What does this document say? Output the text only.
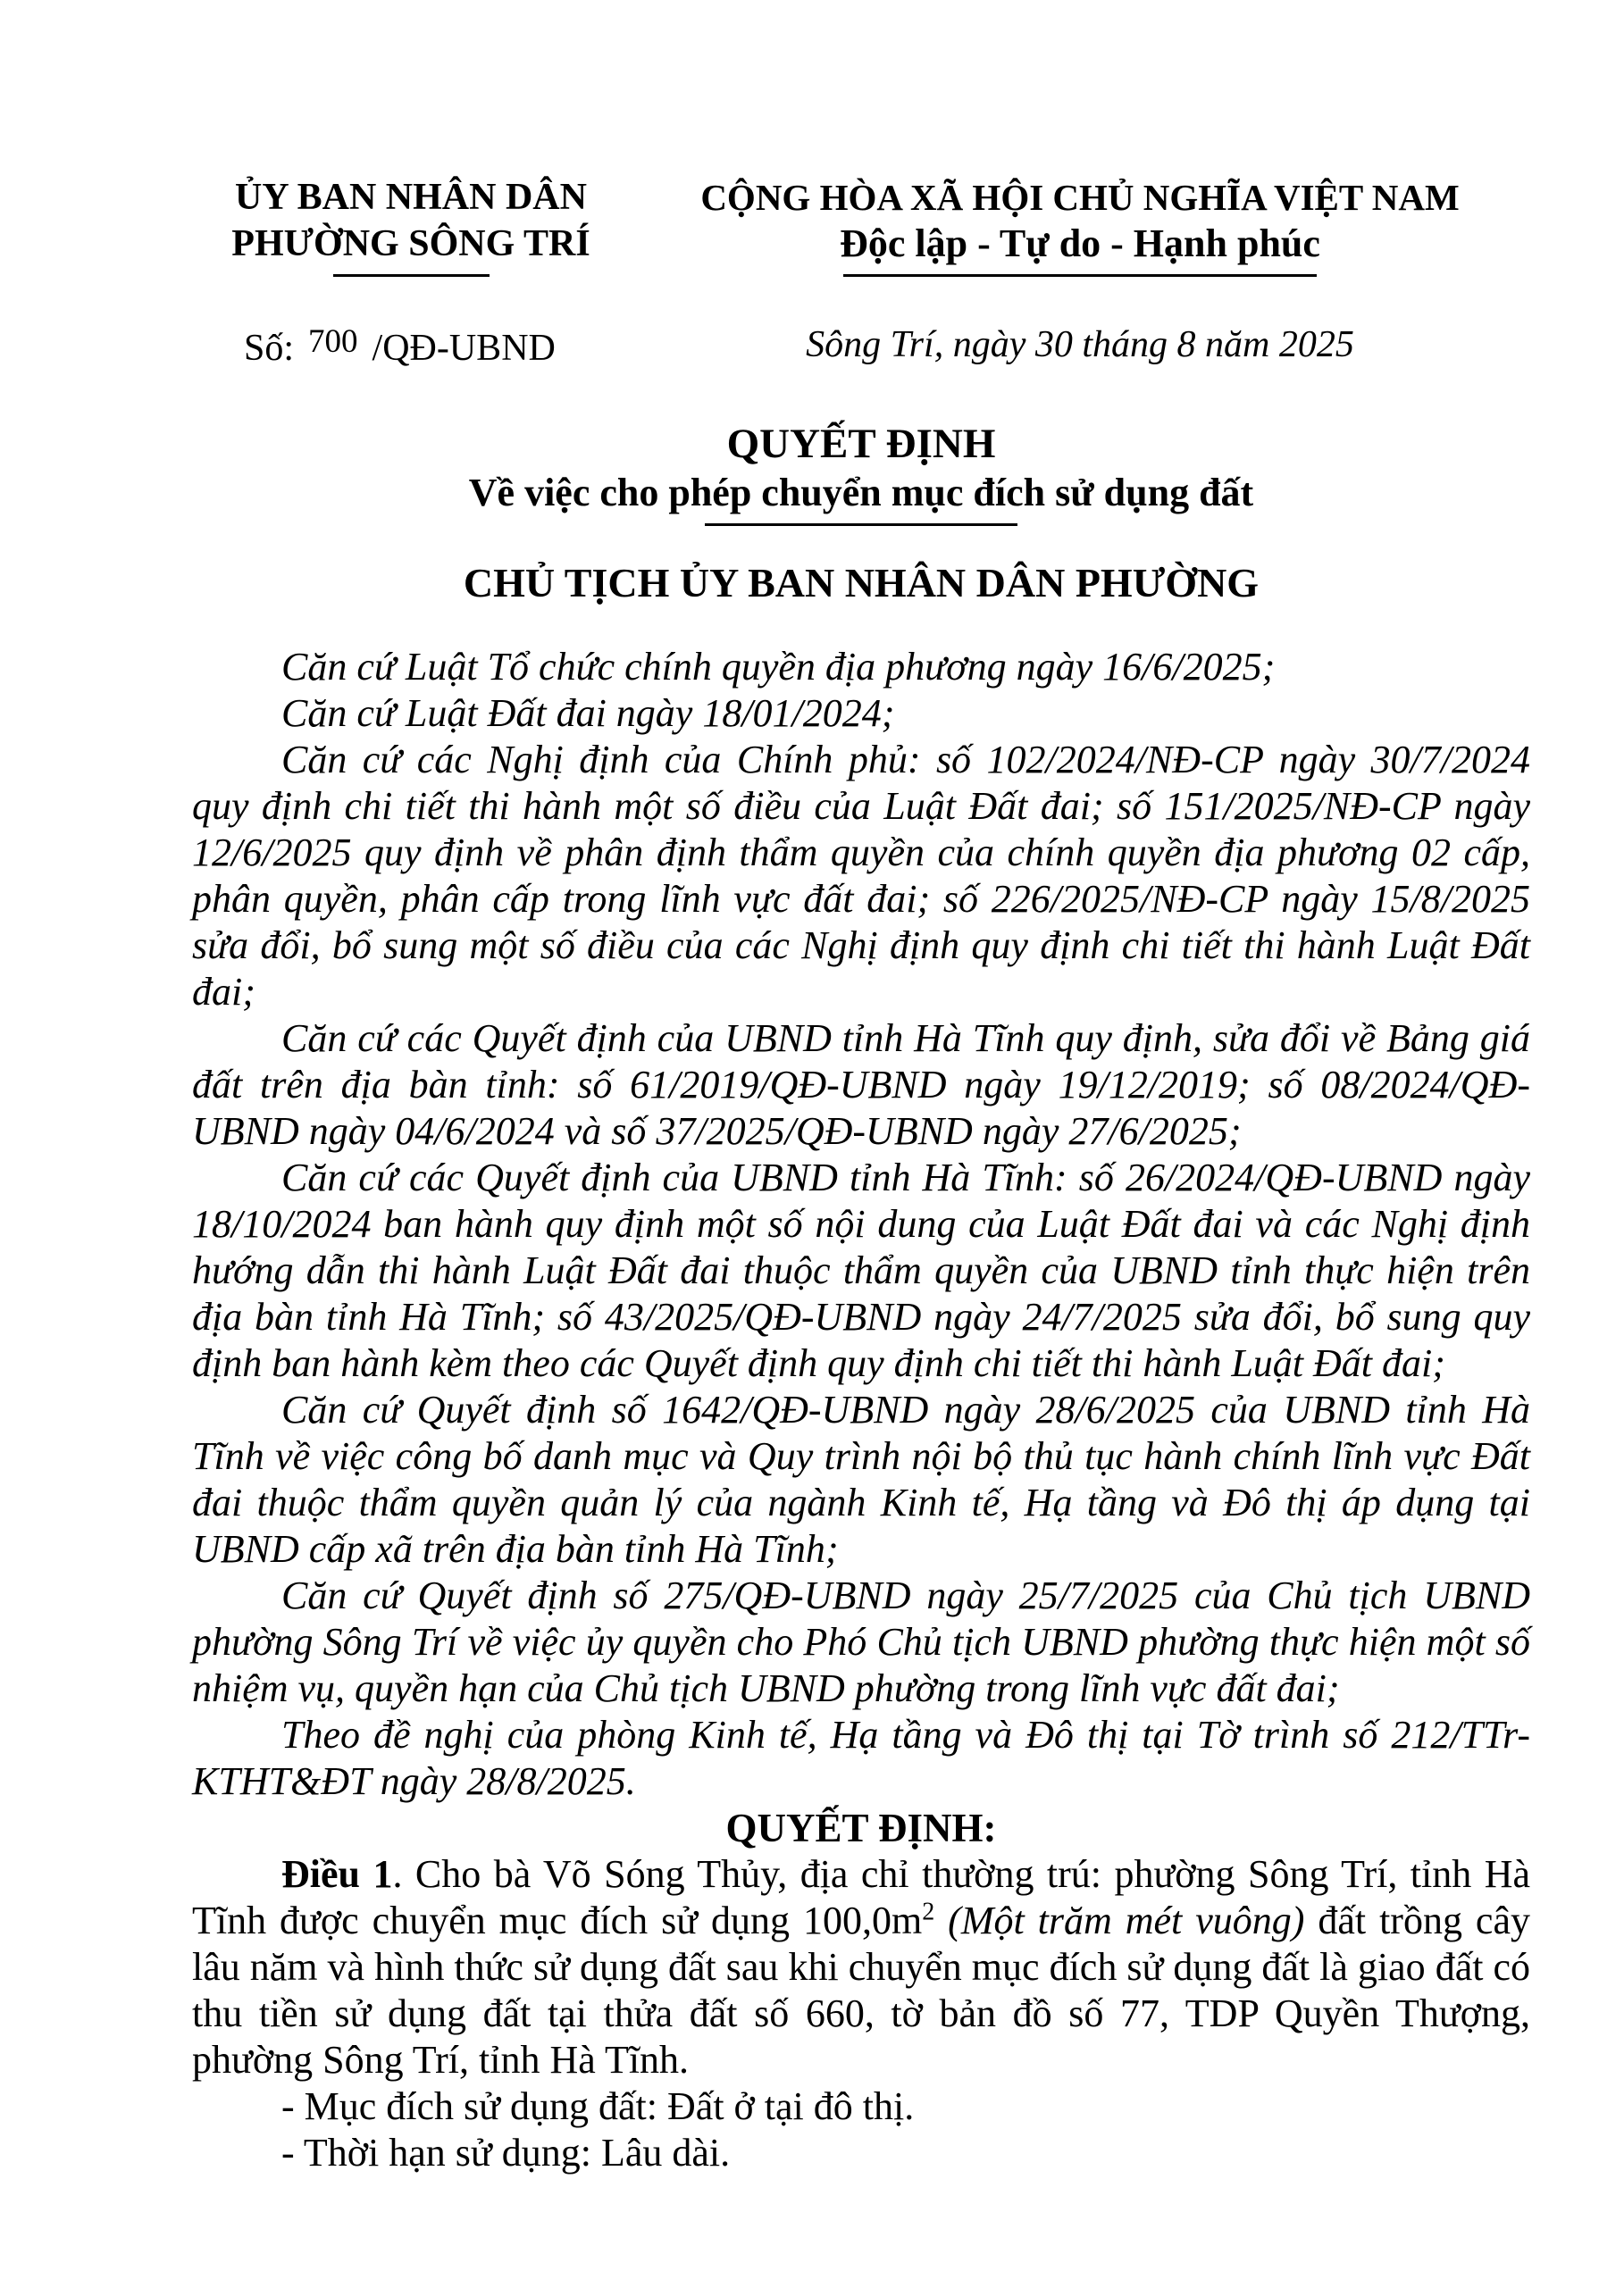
ỦY BAN NHÂN DÂN
PHƯỜNG SÔNG TRÍ
Số: 700 /QĐ-UBND
CỘNG HÒA XÃ HỘI CHỦ NGHĨA VIỆT NAM
Độc lập - Tự do - Hạnh phúc
Sông Trí, ngày 30 tháng 8 năm 2025
QUYẾT ĐỊNH
Về việc cho phép chuyển mục đích sử dụng đất
CHỦ TỊCH ỦY BAN NHÂN DÂN PHƯỜNG

Căn cứ Luật Tổ chức chính quyền địa phương ngày 16/6/2025;

Căn cứ Luật Đất đai ngày 18/01/2024;

Căn cứ các Nghị định của Chính phủ: số 102/2024/NĐ-CP ngày 30/7/2024 quy định chi tiết thi hành một số điều của Luật Đất đai; số 151/2025/NĐ-CP ngày 12/6/2025 quy định về phân định thẩm quyền của chính quyền địa phương 02 cấp, phân quyền, phân cấp trong lĩnh vực đất đai; số 226/2025/NĐ-CP ngày 15/8/2025 sửa đổi, bổ sung một số điều của các Nghị định quy định chi tiết thi hành Luật Đất đai;

Căn cứ các Quyết định của UBND tỉnh Hà Tĩnh quy định, sửa đổi về Bảng giá đất trên địa bàn tỉnh: số 61/2019/QĐ-UBND ngày 19/12/2019; số 08/2024/QĐ-UBND ngày 04/6/2024 và số 37/2025/QĐ-UBND ngày 27/6/2025;

Căn cứ các Quyết định của UBND tỉnh Hà Tĩnh: số 26/2024/QĐ-UBND ngày 18/10/2024 ban hành quy định một số nội dung của Luật Đất đai và các Nghị định hướng dẫn thi hành Luật Đất đai thuộc thẩm quyền của UBND tỉnh thực hiện trên địa bàn tỉnh Hà Tĩnh; số 43/2025/QĐ-UBND ngày 24/7/2025 sửa đổi, bổ sung quy định ban hành kèm theo các Quyết định quy định chi tiết thi hành Luật Đất đai;

Căn cứ Quyết định số 1642/QĐ-UBND ngày 28/6/2025 của UBND tỉnh Hà Tĩnh về việc công bố danh mục và Quy trình nội bộ thủ tục hành chính lĩnh vực Đất đai thuộc thẩm quyền quản lý của ngành Kinh tế, Hạ tầng và Đô thị áp dụng tại UBND cấp xã trên địa bàn tỉnh Hà Tĩnh;

Căn cứ Quyết định số 275/QĐ-UBND ngày 25/7/2025 của Chủ tịch UBND phường Sông Trí về việc ủy quyền cho Phó Chủ tịch UBND phường thực hiện một số nhiệm vụ, quyền hạn của Chủ tịch UBND phường trong lĩnh vực đất đai;

Theo đề nghị của phòng Kinh tế, Hạ tầng và Đô thị tại Tờ trình số 212/TTr-KTHT&ĐT ngày 28/8/2025.

QUYẾT ĐỊNH:

Điều 1. Cho bà Võ Sóng Thủy, địa chỉ thường trú: phường Sông Trí, tỉnh Hà Tĩnh được chuyển mục đích sử dụng $100,0m^2$ (Một trăm mét vuông) đất trồng cây lâu năm và hình thức sử dụng đất sau khi chuyển mục đích sử dụng đất là giao đất có thu tiền sử dụng đất tại thửa đất số 660, tờ bản đồ số 77, TDP Quyền Thượng, phường Sông Trí, tỉnh Hà Tĩnh.

- Mục đích sử dụng đất: Đất ở tại đô thị.

- Thời hạn sử dụng: Lâu dài.
